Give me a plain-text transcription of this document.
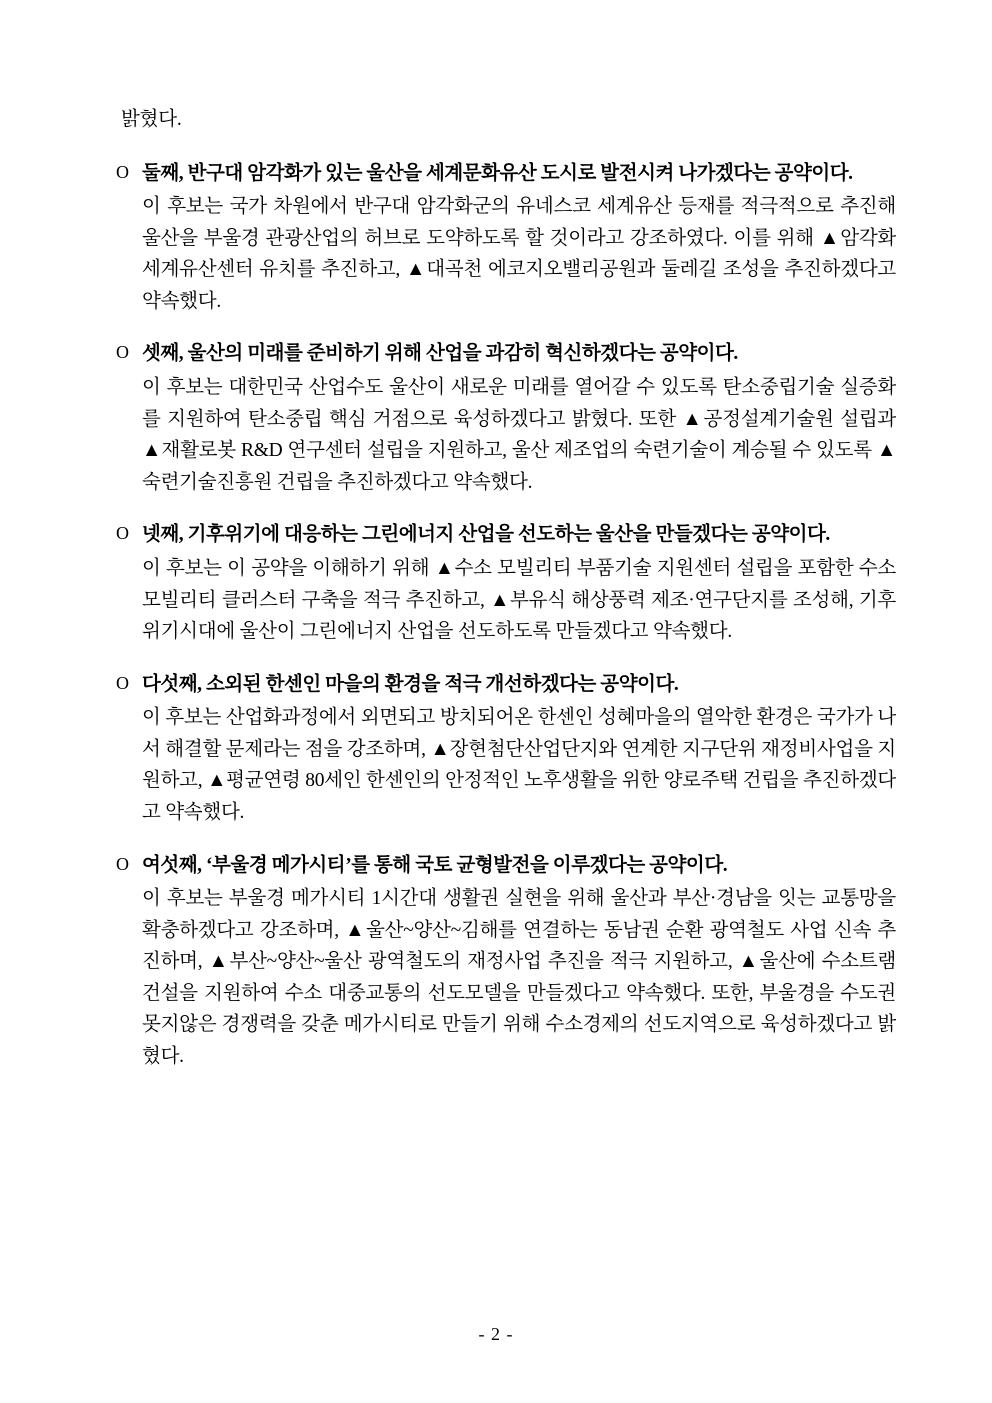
밝혔다.

O 둘째, 반구대 암각화가 있는 울산을 세계문화유산 도시로 발전시켜 나가겠다는 공약이다.

이 후보는 국가 차원에서 반구대 암각화군의 유네스코 세계유산 등재를 적극적으로 추진해 울산을 부울경 관광산업의 허브로 도약하도록 할 것이라고 강조하였다. 이를 위해 ▲암각화 세계유산센터 유치를 추진하고, ▲대곡천 에코지오밸리공원과 둘레길 조성을 추진하겠다고 약속했다.

O 셋째, 울산의 미래를 준비하기 위해 산업을 과감히 혁신하겠다는 공약이다.

이 후보는 대한민국 산업수도 울산이 새로운 미래를 열어갈 수 있도록 탄소중립기술 실증화를 지원하여 탄소중립 핵심 거점으로 육성하겠다고 밝혔다. 또한 ▲공정설계기술원 설립과 ▲재활로봇 R&D 연구센터 설립을 지원하고, 울산 제조업의 숙련기술이 계승될 수 있도록 ▲숙련기술진흥원 건립을 추진하겠다고 약속했다.

O 넷째, 기후위기에 대응하는 그린에너지 산업을 선도하는 울산을 만들겠다는 공약이다.

이 후보는 이 공약을 이해하기 위해 ▲수소 모빌리티 부품기술 지원센터 설립을 포함한 수소 모빌리티 클러스터 구축을 적극 추진하고, ▲부유식 해상풍력 제조·연구단지를 조성해, 기후위기시대에 울산이 그린에너지 산업을 선도하도록 만들겠다고 약속했다.

O 다섯째, 소외된 한센인 마을의 환경을 적극 개선하겠다는 공약이다.

이 후보는 산업화과정에서 외면되고 방치되어온 한센인 성혜마을의 열악한 환경은 국가가 나서 해결할 문제라는 점을 강조하며, ▲장현첨단산업단지와 연계한 지구단위 재정비사업을 지원하고, ▲평균연령 80세인 한센인의 안정적인 노후생활을 위한 양로주택 건립을 추진하겠다고 약속했다.

O 여섯째, ‘부울경 메가시티’를 통해 국토 균형발전을 이루겠다는 공약이다.

이 후보는 부울경 메가시티 1시간대 생활권 실현을 위해 울산과 부산·경남을 잇는 교통망을 확충하겠다고 강조하며, ▲울산~양산~김해를 연결하는 동남권 순환 광역철도 사업 신속 추진하며, ▲부산~양산~울산 광역철도의 재정사업 추진을 적극 지원하고, ▲울산에 수소트램 건설을 지원하여 수소 대중교통의 선도모델을 만들겠다고 약속했다. 또한, 부울경을 수도권 못지않은 경쟁력을 갖춘 메가시티로 만들기 위해 수소경제의 선도지역으로 육성하겠다고 밝혔다.

- 2 -
